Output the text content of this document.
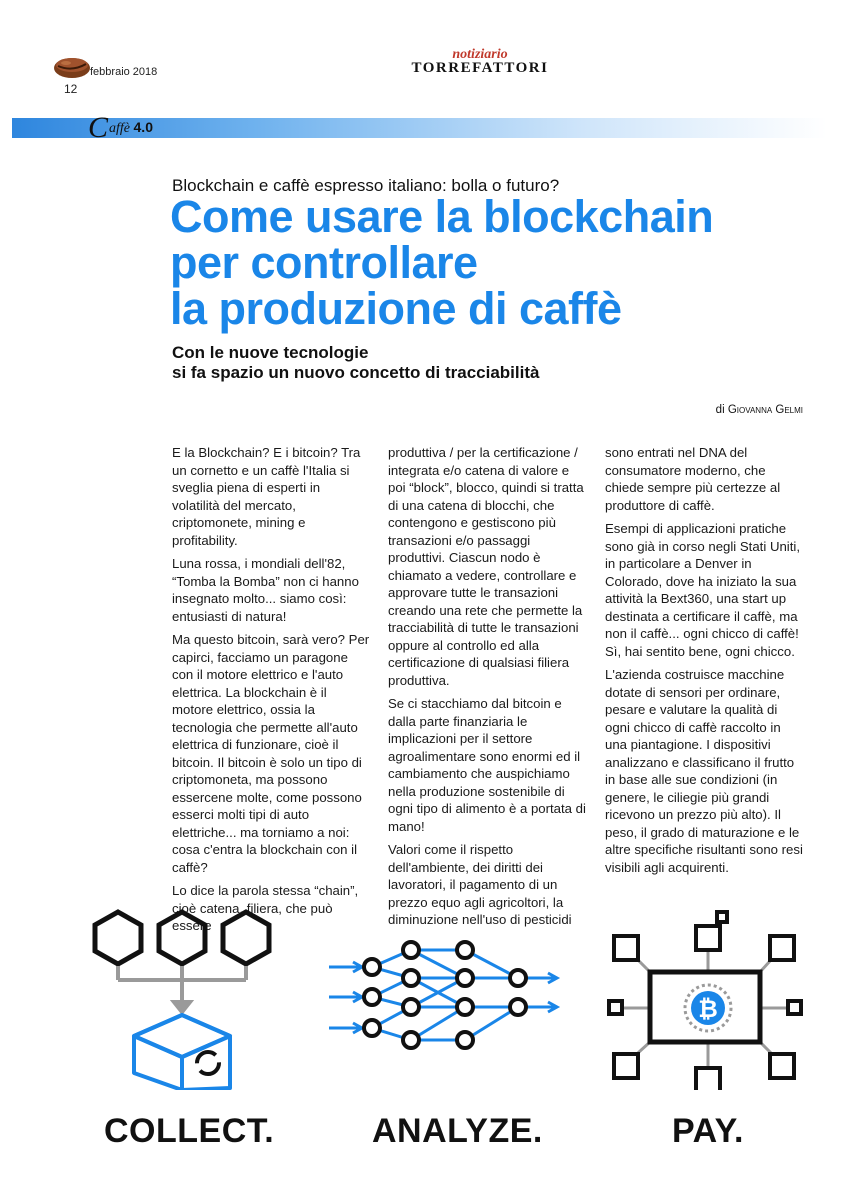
febbraio 2018
12
notiziario
TORREFATTORI
C affè 4.0
Blockchain e caffè espresso italiano: bolla o futuro?
Come usare la blockchain
per controllare
la produzione di caffè
Con le nuove tecnologie
si fa spazio un nuovo concetto di tracciabilità
di Giovanna Gelmi

E la Blockchain? E i bitcoin? Tra un cornetto e un caffè l'Italia si sveglia piena di esperti in volatilità del mercato, criptomonete, mining e profitability.

Luna rossa, i mondiali dell'82, “Tomba la Bomba” non ci hanno insegnato molto... siamo così: entusiasti di natura!

Ma questo bitcoin, sarà vero? Per capirci, facciamo un paragone con il motore elettrico e l'auto elettrica. La blockchain è il motore elettrico, ossia la tecnologia che permette all'auto elettrica di funzionare, cioè il bitcoin. Il bitcoin è solo un tipo di criptomoneta, ma possono essercene molte, come possono esserci molti tipi di auto elettriche... ma torniamo a noi: cosa c'entra la blockchain con il caffè?

Lo dice la parola stessa “chain”, cioè catena, filiera, che può essere

produttiva / per la certificazione / integrata e/o catena di valore e poi “block”, blocco, quindi si tratta di una catena di blocchi, che contengono e gestiscono più transazioni e/o passaggi produttivi. Ciascun nodo è chiamato a vedere, controllare e approvare tutte le transazioni creando una rete che permette la tracciabilità di tutte le transazioni oppure al controllo ed alla certificazione di qualsiasi filiera produttiva.

Se ci stacchiamo dal bitcoin e dalla parte finanziaria le implicazioni per il settore agroalimentare sono enormi ed il cambiamento che auspichiamo nella produzione sostenibile di ogni tipo di alimento è a portata di mano!

Valori come il rispetto dell'ambiente, dei diritti dei lavoratori, il pagamento di un prezzo equo agli agricoltori, la diminuzione nell'uso di pesticidi

sono entrati nel DNA del consumatore moderno, che chiede sempre più certezze al produttore di caffè.

Esempi di applicazioni pratiche sono già in corso negli Stati Uniti, in particolare a Denver in Colorado, dove ha iniziato la sua attività la Bext360, una start up destinata a certificare il caffè, ma non il caffè... ogni chicco di caffè! Sì, hai sentito bene, ogni chicco.

L'azienda costruisce macchine dotate di sensori per ordinare, pesare e valutare la qualità di ogni chicco di caffè raccolto in una piantagione. I dispositivi analizzano e classificano il frutto in base alle sue condizioni (in genere, le ciliegie più grandi ricevono un prezzo più alto). Il peso, il grado di maturazione e le altre specifiche risultanti sono resi visibili agli acquirenti.

₿
COLLECT.	ANALYZE.	PAY.
